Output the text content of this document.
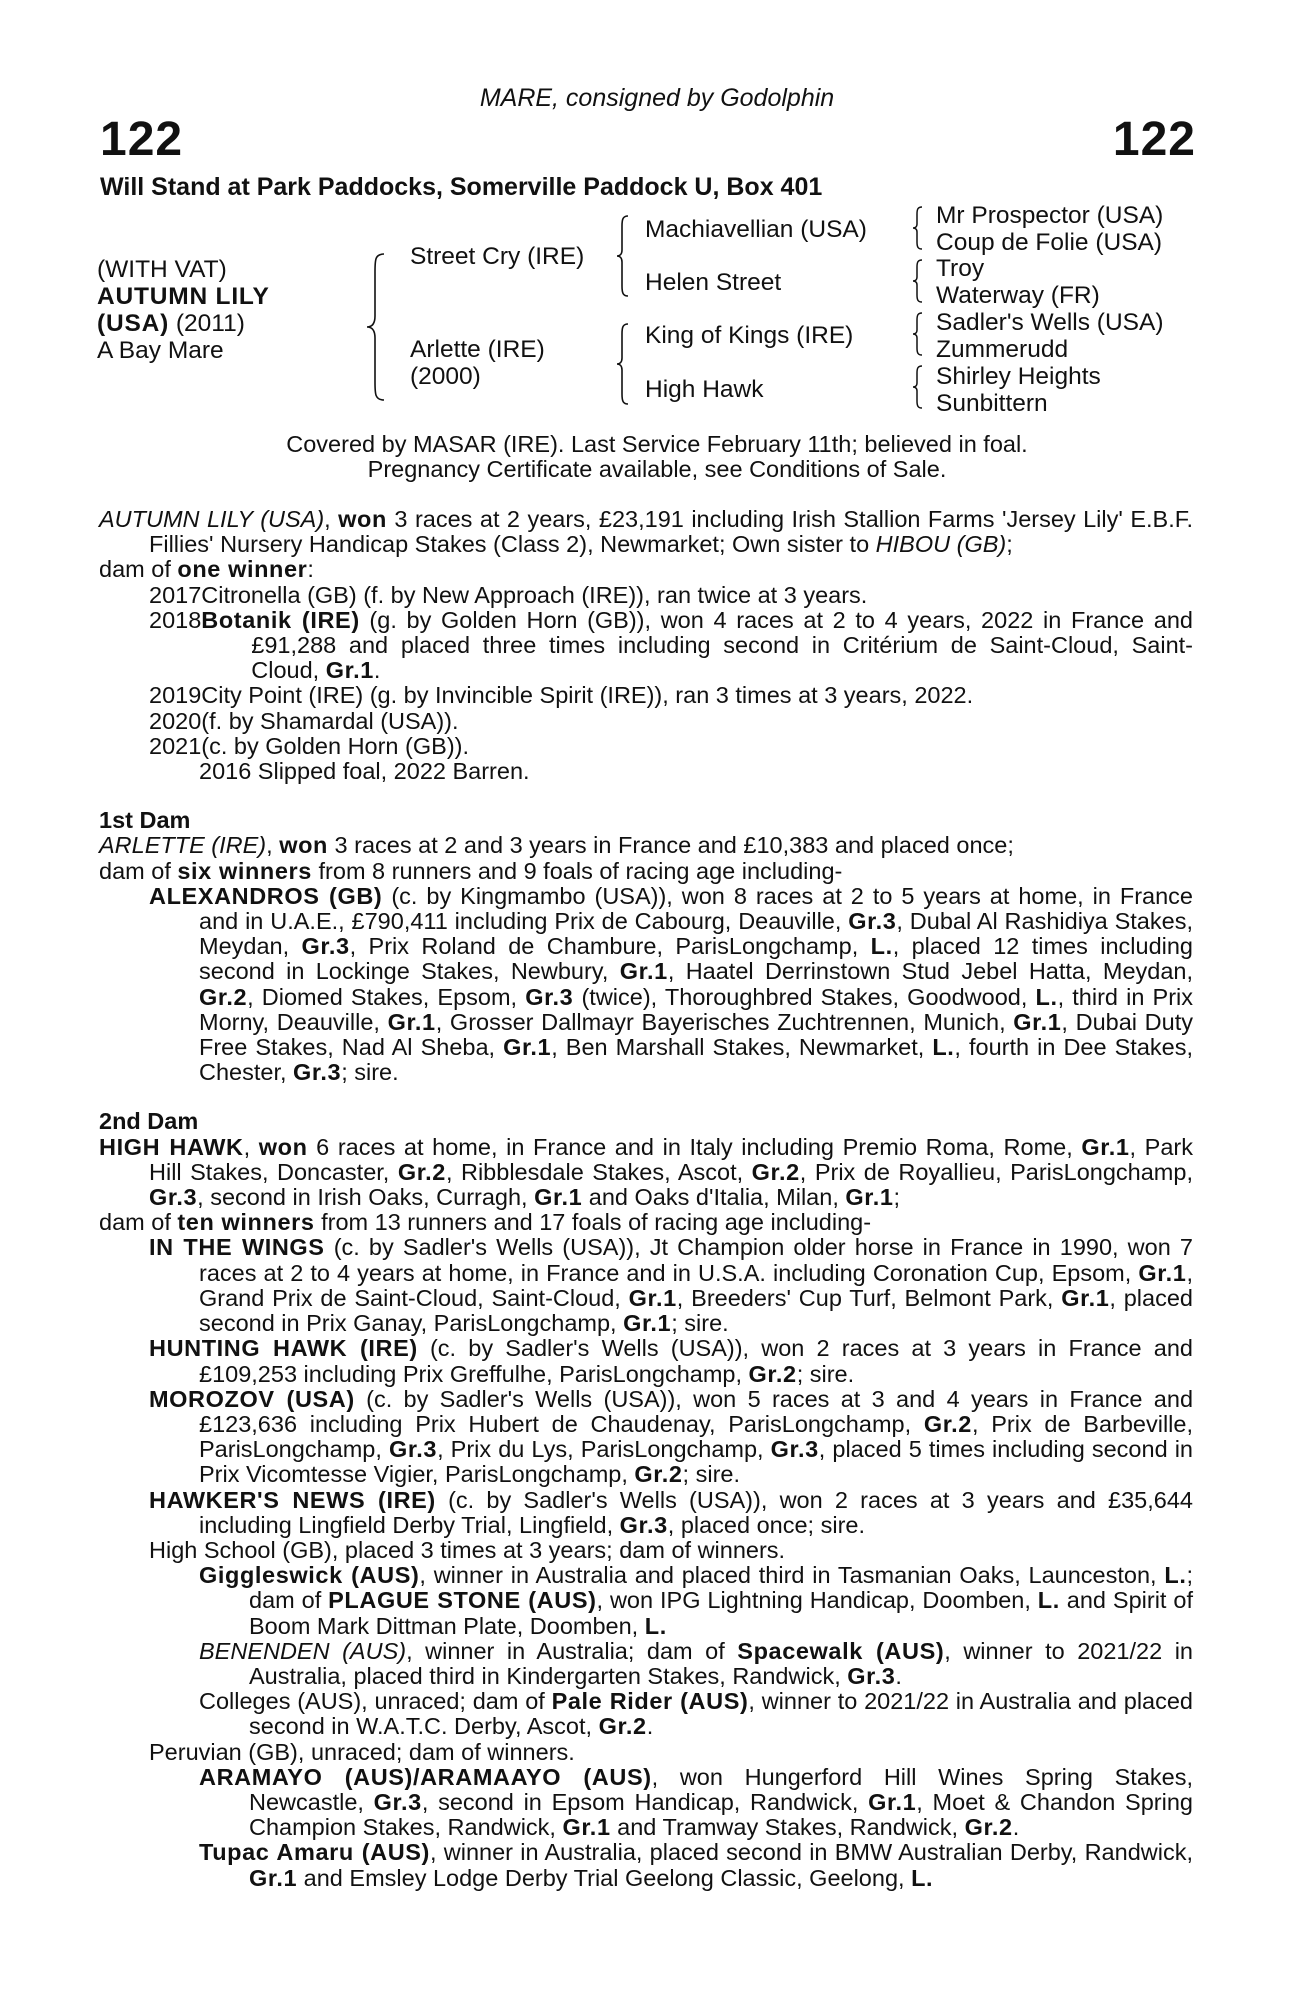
MARE, consigned by Godolphin
122	122
Will Stand at Park Paddocks, Somerville Paddock U, Box 401
(WITH VAT)
AUTUMN LILY
(USA) (2011)
A Bay Mare
Street Cry (IRE)
Arlette (IRE)
(2000)
Machiavellian (USA)
Helen Street
King of Kings (IRE)
High Hawk
Mr Prospector (USA)
Coup de Folie (USA)
Troy
Waterway (FR)
Sadler's Wells (USA)
Zummerudd
Shirley Heights
Sunbittern
Covered by MASAR (IRE). Last Service February 11th; believed in foal.
Pregnancy Certificate available, see Conditions of Sale.
AUTUMN LILY (USA), won 3 races at 2 years, £23,191 including Irish Stallion Farms 'Jersey Lily' E.B.F. Fillies' Nursery Handicap Stakes (Class 2), Newmarket; Own sister to HIBOU (GB);
dam of one winner:
2017 Citronella (GB) (f. by New Approach (IRE)), ran twice at 3 years.
2018 Botanik (IRE) (g. by Golden Horn (GB)), won 4 races at 2 to 4 years, 2022 in France and £91,288 and placed three times including second in Critérium de Saint-Cloud, Saint-Cloud, Gr.1.
2019 City Point (IRE) (g. by Invincible Spirit (IRE)), ran 3 times at 3 years, 2022.
2020 (f. by Shamardal (USA)).
2021 (c. by Golden Horn (GB)).
2016 Slipped foal, 2022 Barren.
1st Dam
ARLETTE (IRE), won 3 races at 2 and 3 years in France and £10,383 and placed once;
dam of six winners from 8 runners and 9 foals of racing age including-
ALEXANDROS (GB) (c. by Kingmambo (USA)), won 8 races at 2 to 5 years at home, in France and in U.A.E., £790,411 including Prix de Cabourg, Deauville, Gr.3, Dubal Al Rashidiya Stakes, Meydan, Gr.3, Prix Roland de Chambure, ParisLongchamp, L., placed 12 times including second in Lockinge Stakes, Newbury, Gr.1, Haatel Derrinstown Stud Jebel Hatta, Meydan, Gr.2, Diomed Stakes, Epsom, Gr.3 (twice), Thoroughbred Stakes, Goodwood, L., third in Prix Morny, Deauville, Gr.1, Grosser Dallmayr Bayerisches Zuchtrennen, Munich, Gr.1, Dubai Duty Free Stakes, Nad Al Sheba, Gr.1, Ben Marshall Stakes, Newmarket, L., fourth in Dee Stakes, Chester, Gr.3; sire.
2nd Dam
HIGH HAWK, won 6 races at home, in France and in Italy including Premio Roma, Rome, Gr.1, Park Hill Stakes, Doncaster, Gr.2, Ribblesdale Stakes, Ascot, Gr.2, Prix de Royallieu, ParisLongchamp, Gr.3, second in Irish Oaks, Curragh, Gr.1 and Oaks d'Italia, Milan, Gr.1;
dam of ten winners from 13 runners and 17 foals of racing age including-
IN THE WINGS (c. by Sadler's Wells (USA)), Jt Champion older horse in France in 1990, won 7 races at 2 to 4 years at home, in France and in U.S.A. including Coronation Cup, Epsom, Gr.1, Grand Prix de Saint-Cloud, Saint-Cloud, Gr.1, Breeders' Cup Turf, Belmont Park, Gr.1, placed second in Prix Ganay, ParisLongchamp, Gr.1; sire.
HUNTING HAWK (IRE) (c. by Sadler's Wells (USA)), won 2 races at 3 years in France and £109,253 including Prix Greffulhe, ParisLongchamp, Gr.2; sire.
MOROZOV (USA) (c. by Sadler's Wells (USA)), won 5 races at 3 and 4 years in France and £123,636 including Prix Hubert de Chaudenay, ParisLongchamp, Gr.2, Prix de Barbeville, ParisLongchamp, Gr.3, Prix du Lys, ParisLongchamp, Gr.3, placed 5 times including second in Prix Vicomtesse Vigier, ParisLongchamp, Gr.2; sire.
HAWKER'S NEWS (IRE) (c. by Sadler's Wells (USA)), won 2 races at 3 years and £35,644 including Lingfield Derby Trial, Lingfield, Gr.3, placed once; sire.
High School (GB), placed 3 times at 3 years; dam of winners.
Giggleswick (AUS), winner in Australia and placed third in Tasmanian Oaks, Launceston, L.; dam of PLAGUE STONE (AUS), won IPG Lightning Handicap, Doomben, L. and Spirit of Boom Mark Dittman Plate, Doomben, L.
BENENDEN (AUS), winner in Australia; dam of Spacewalk (AUS), winner to 2021/22 in Australia, placed third in Kindergarten Stakes, Randwick, Gr.3.
Colleges (AUS), unraced; dam of Pale Rider (AUS), winner to 2021/22 in Australia and placed second in W.A.T.C. Derby, Ascot, Gr.2.
Peruvian (GB), unraced; dam of winners.
ARAMAYO (AUS)/ARAMAAYO (AUS), won Hungerford Hill Wines Spring Stakes, Newcastle, Gr.3, second in Epsom Handicap, Randwick, Gr.1, Moet & Chandon Spring Champion Stakes, Randwick, Gr.1 and Tramway Stakes, Randwick, Gr.2.
Tupac Amaru (AUS), winner in Australia, placed second in BMW Australian Derby, Randwick, Gr.1 and Emsley Lodge Derby Trial Geelong Classic, Geelong, L.
